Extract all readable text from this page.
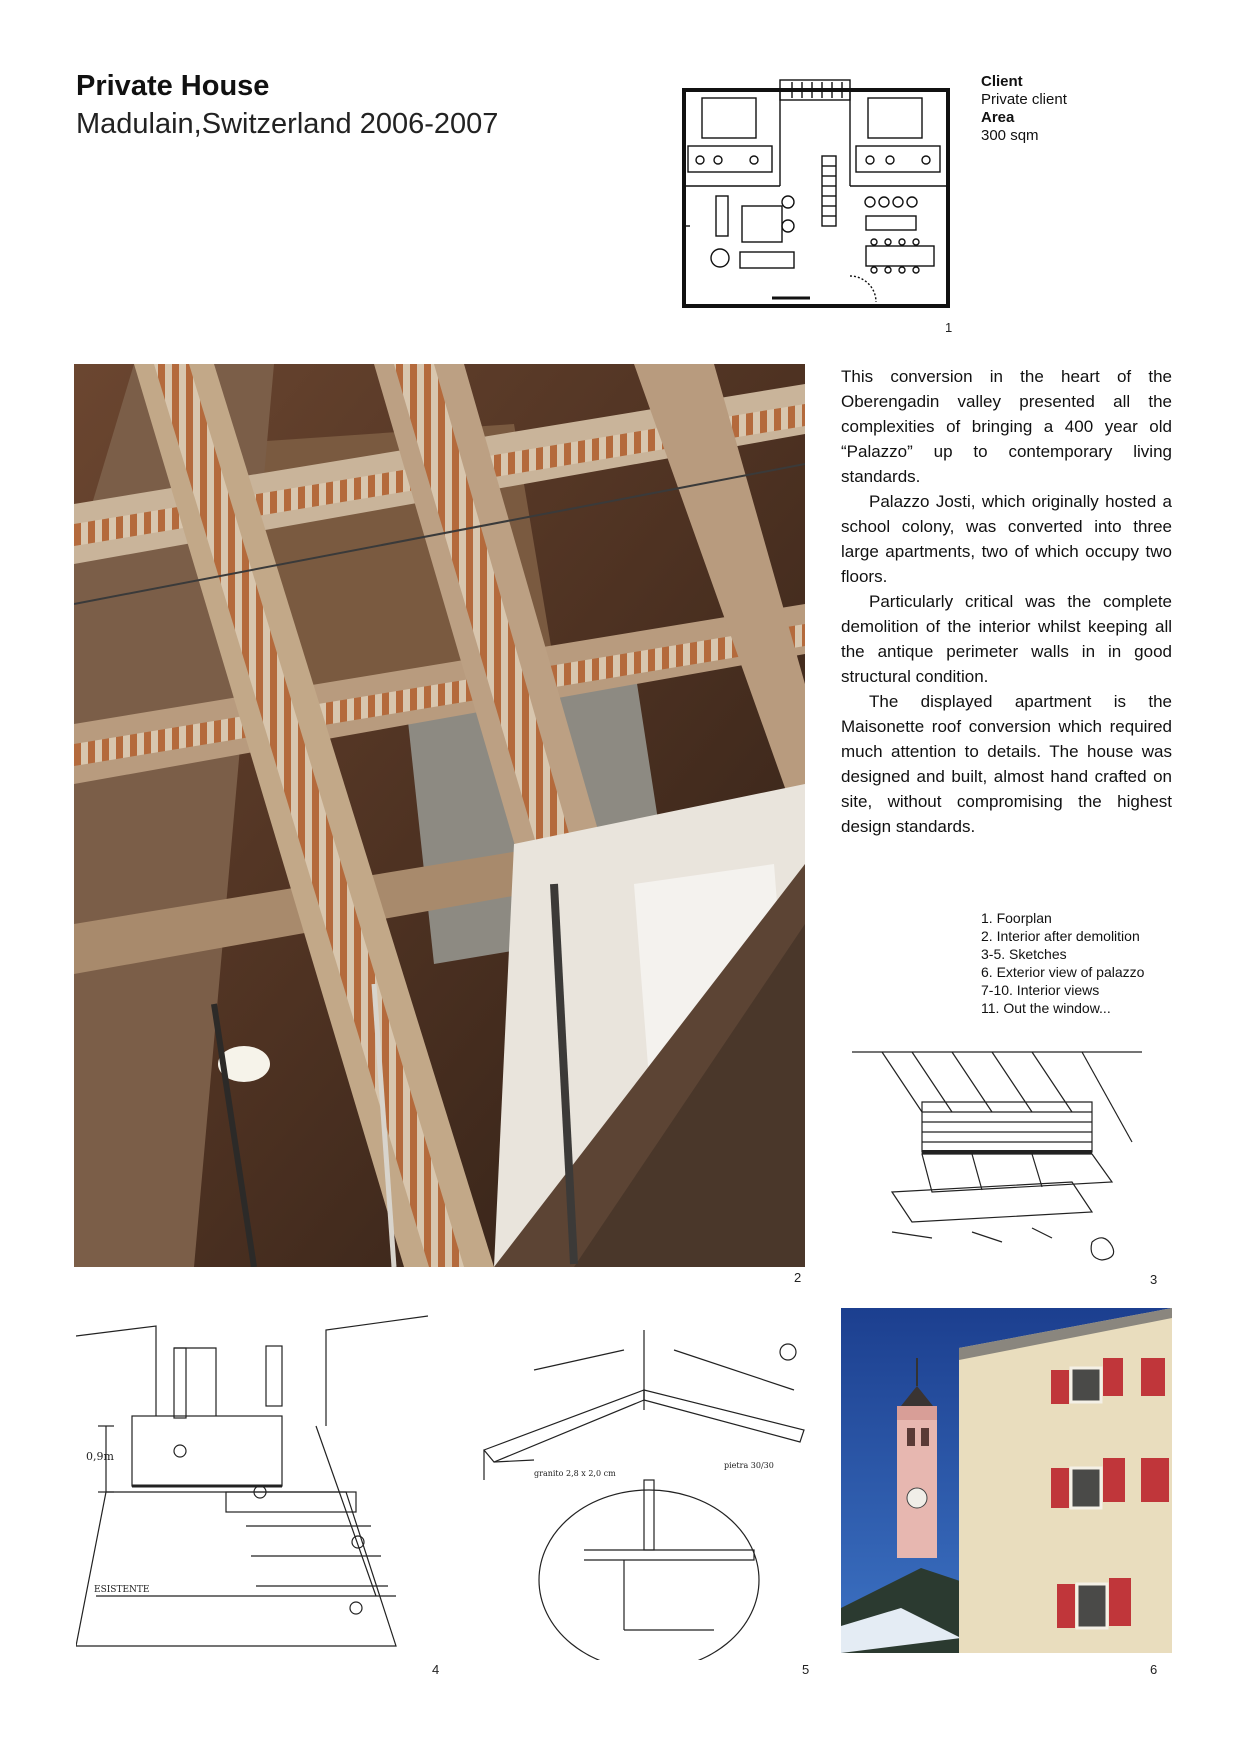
Private House
Madulain,Switzerland 2006-2007
1
Client
Private client
Area
300 sqm
2

This conversion in the heart of the Oberengadin valley presented all the complexities of bringing a 400 year old “Palazzo” up to contemporary living standards.

Palazzo Josti, which originally hosted a school colony, was converted into three large apartments, two of which occupy two floors.

Particularly critical was the complete demolition of the interior whilst keeping all the antique perimeter walls in in good structural condition.

The displayed apartment is the Maisonette roof conversion which required much attention to details. The house was designed and built, almost hand crafted on site, without compromising the highest design standards.

1. Foorplan
2. Interior after demolition
3-5. Sketches
6. Exterior view of palazzo
7-10. Interior views
11. Out the window...
3
0,9m
ESISTENTE
4
granito 2,8 x 2,0 cm
pietra 30/30
5	6
